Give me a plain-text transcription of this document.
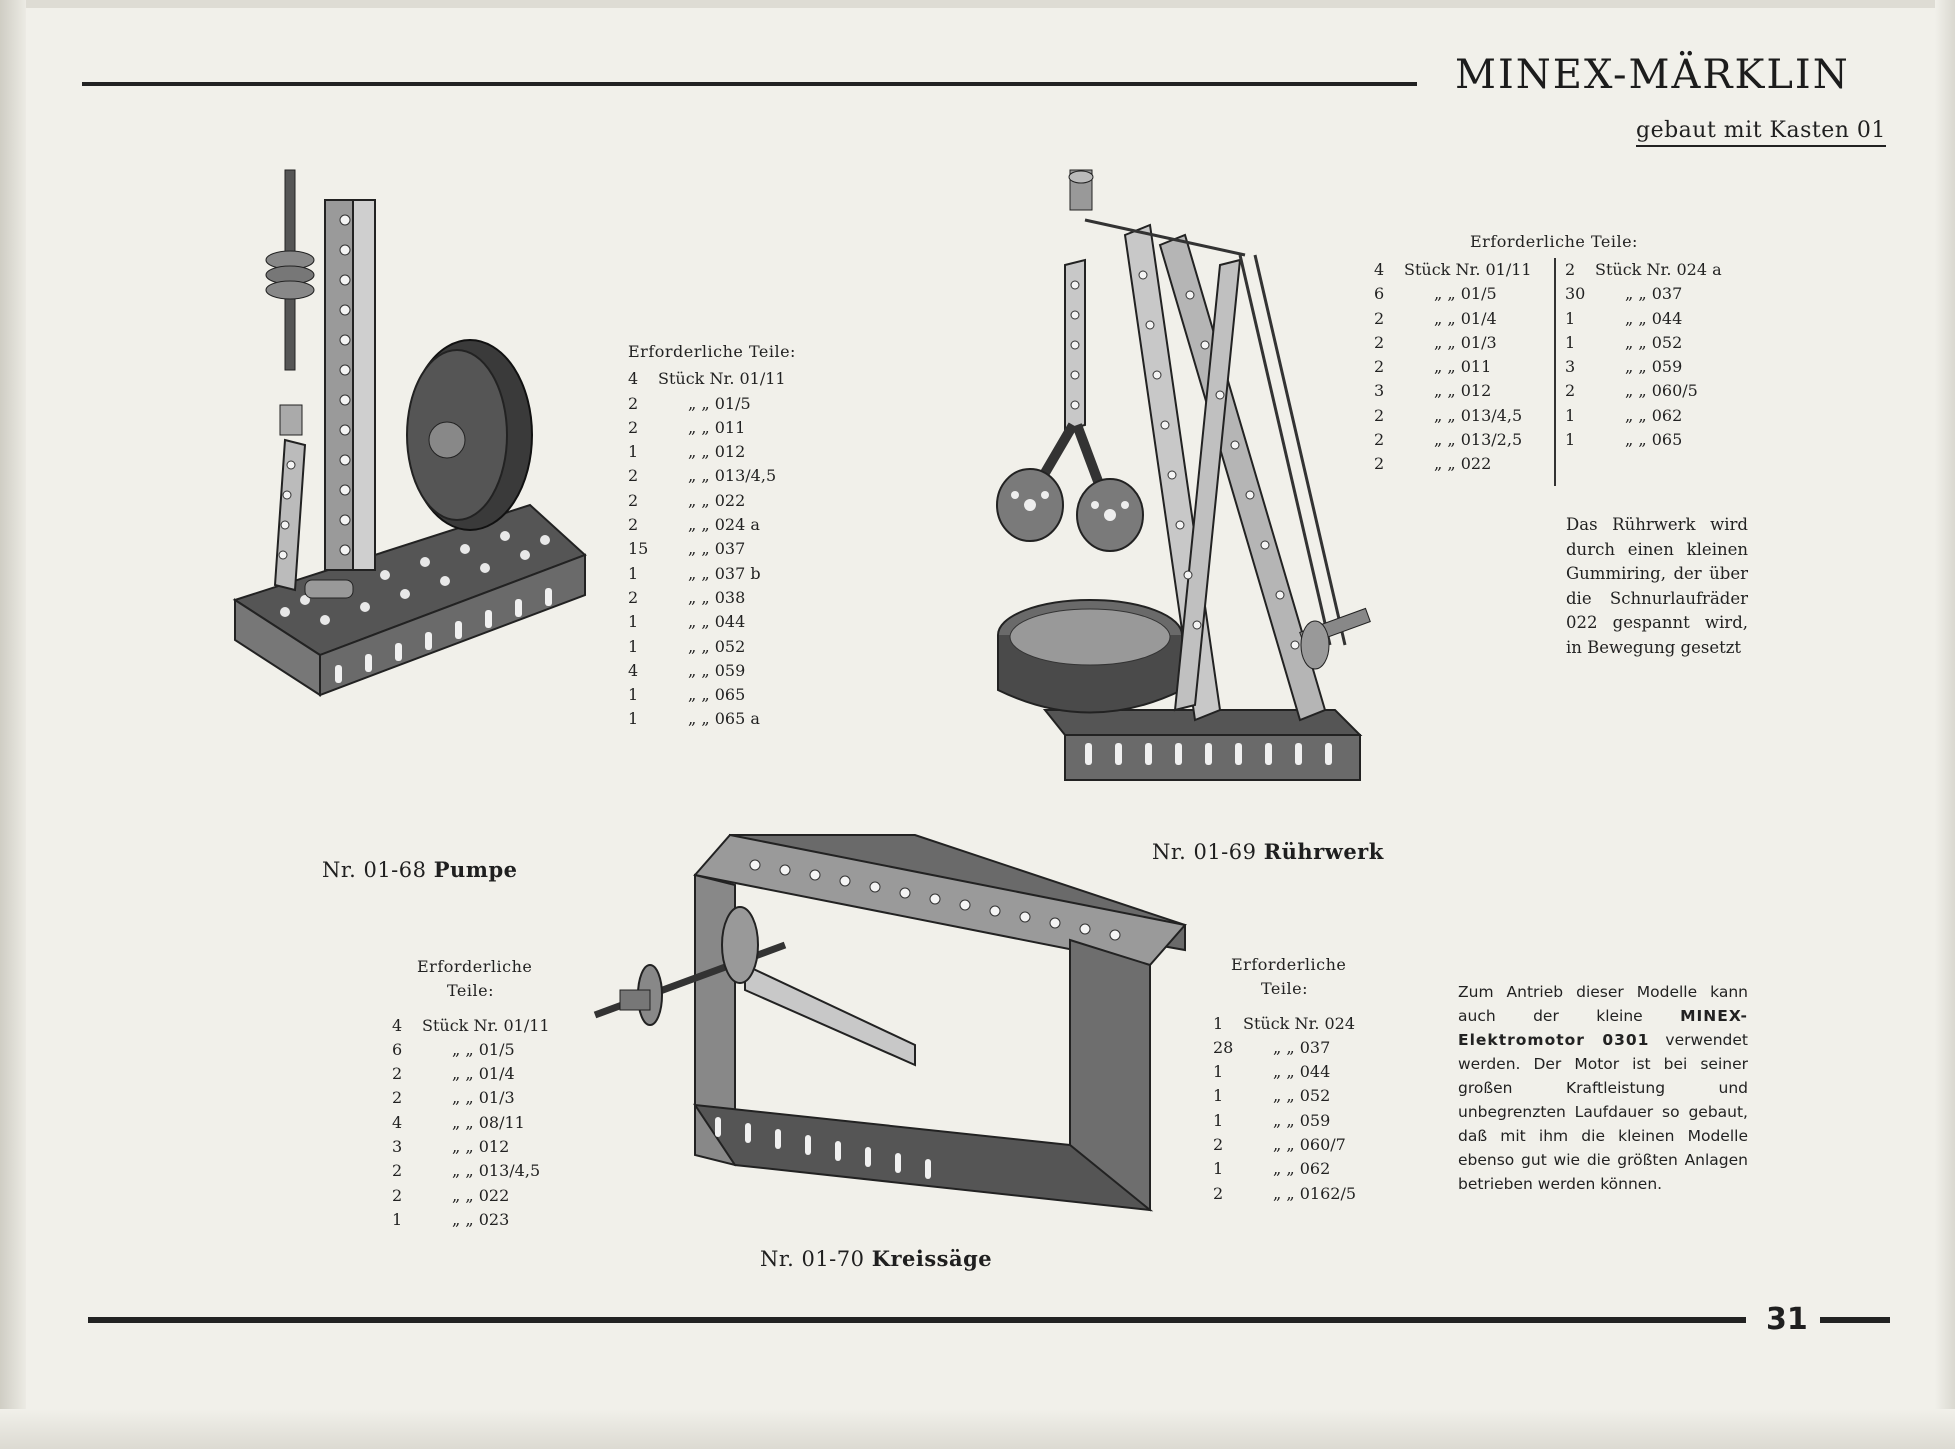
MINEX-MÄRKLIN
gebaut mit Kasten 01
Erforderliche Teile:
4	Stück Nr. 01/11
2	„ „ 01/5
2	„ „ 011
1	„ „ 012
2	„ „ 013/4,5
2	„ „ 022
2	„ „ 024 a
15	„ „ 037
1	„ „ 037 b
2	„ „ 038
1	„ „ 044
1	„ „ 052
4	„ „ 059
1	„ „ 065
1	„ „ 065 a
Erforderliche Teile:
4	Stück Nr. 01/11
6	„ „ 01/5
2	„ „ 01/4
2	„ „ 01/3
2	„ „ 011
3	„ „ 012
2	„ „ 013/4,5
2	„ „ 013/2,5
2	„ „ 022
2	Stück Nr. 024 a
30	„ „ 037
1	„ „ 044
1	„ „ 052
3	„ „ 059
2	„ „ 060/5
1	„ „ 062
1	„ „ 065
Das Rührwerk wird durch einen kleinen Gummiring, der über die Schnurlaufräder 022 gespannt wird, in Bewegung gesetzt
Erforderliche
Teile:
4	Stück Nr. 01/11
6	„ „ 01/5
2	„ „ 01/4
2	„ „ 01/3
4	„ „ 08/11
3	„ „ 012
2	„ „ 013/4,5
2	„ „ 022
1	„ „ 023
Erforderliche
Teile:
1	Stück Nr. 024
28	„ „ 037
1	„ „ 044
1	„ „ 052
1	„ „ 059
2	„ „ 060/7
1	„ „ 062
2	„ „ 0162/5
Nr. 01-68 Pumpe
Nr. 01-69 Rührwerk
Nr. 01-70 Kreissäge
Zum Antrieb dieser Modelle kann auch der kleine MINEX-Elektromotor 0301 verwendet werden. Der Motor ist bei seiner großen Kraftleistung und unbegrenzten Laufdauer so gebaut, daß mit ihm die kleinen Modelle ebenso gut wie die größten Anlagen betrieben werden können.
31
